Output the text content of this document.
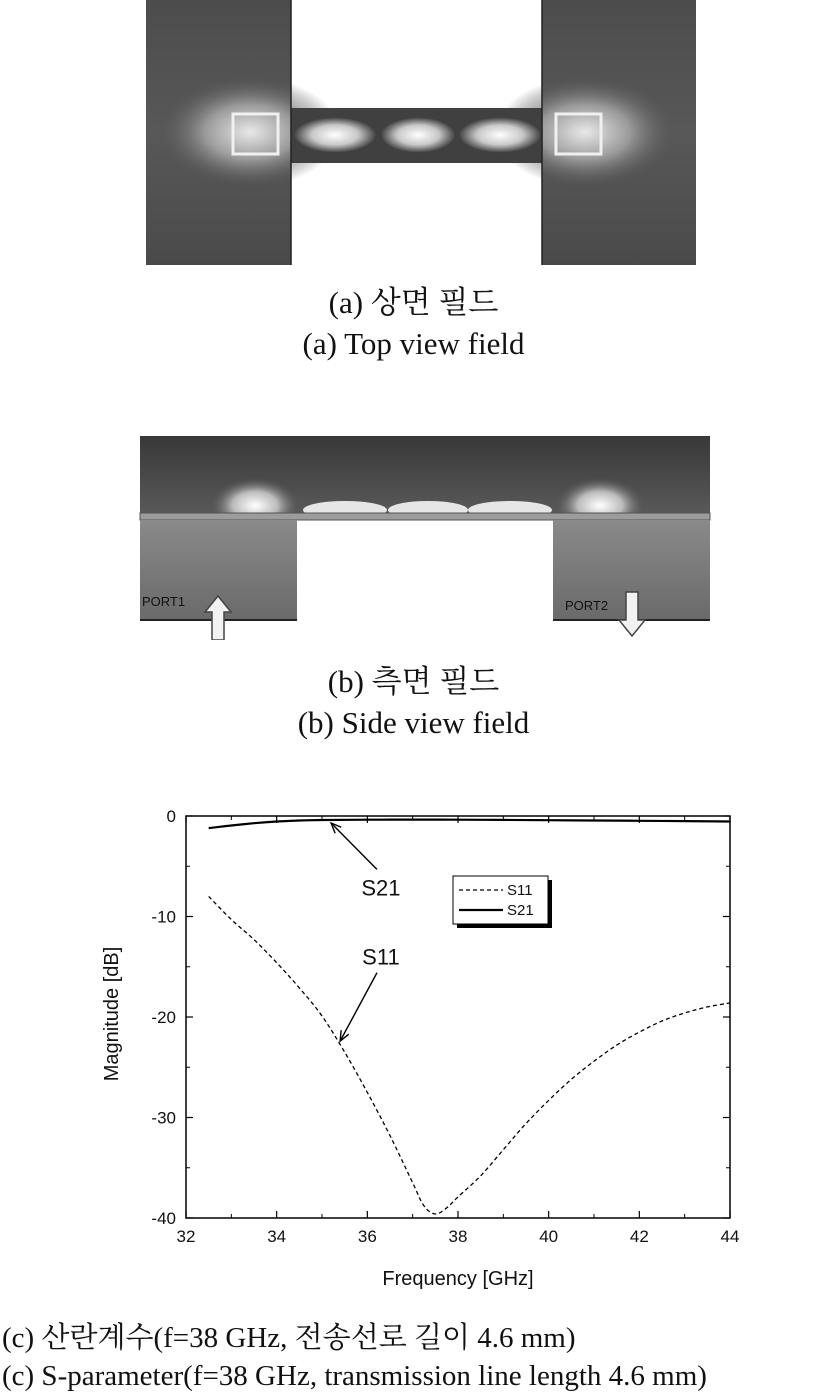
(a) 상면 필드
(a) Top view field
PORT1	PORT2
(b) 측면 필드
(b) Side view field
32	34	36	38	40	42	44
0
-10
-20
-30
-40
S21
S11
S11
S21
Frequency [GHz]
Magnitude [dB]
(c) 산란계수(f=38 GHz, 전송선로 길이 4.6 mm)
(c) S-parameter(f=38 GHz, transmission line length 4.6 mm)
